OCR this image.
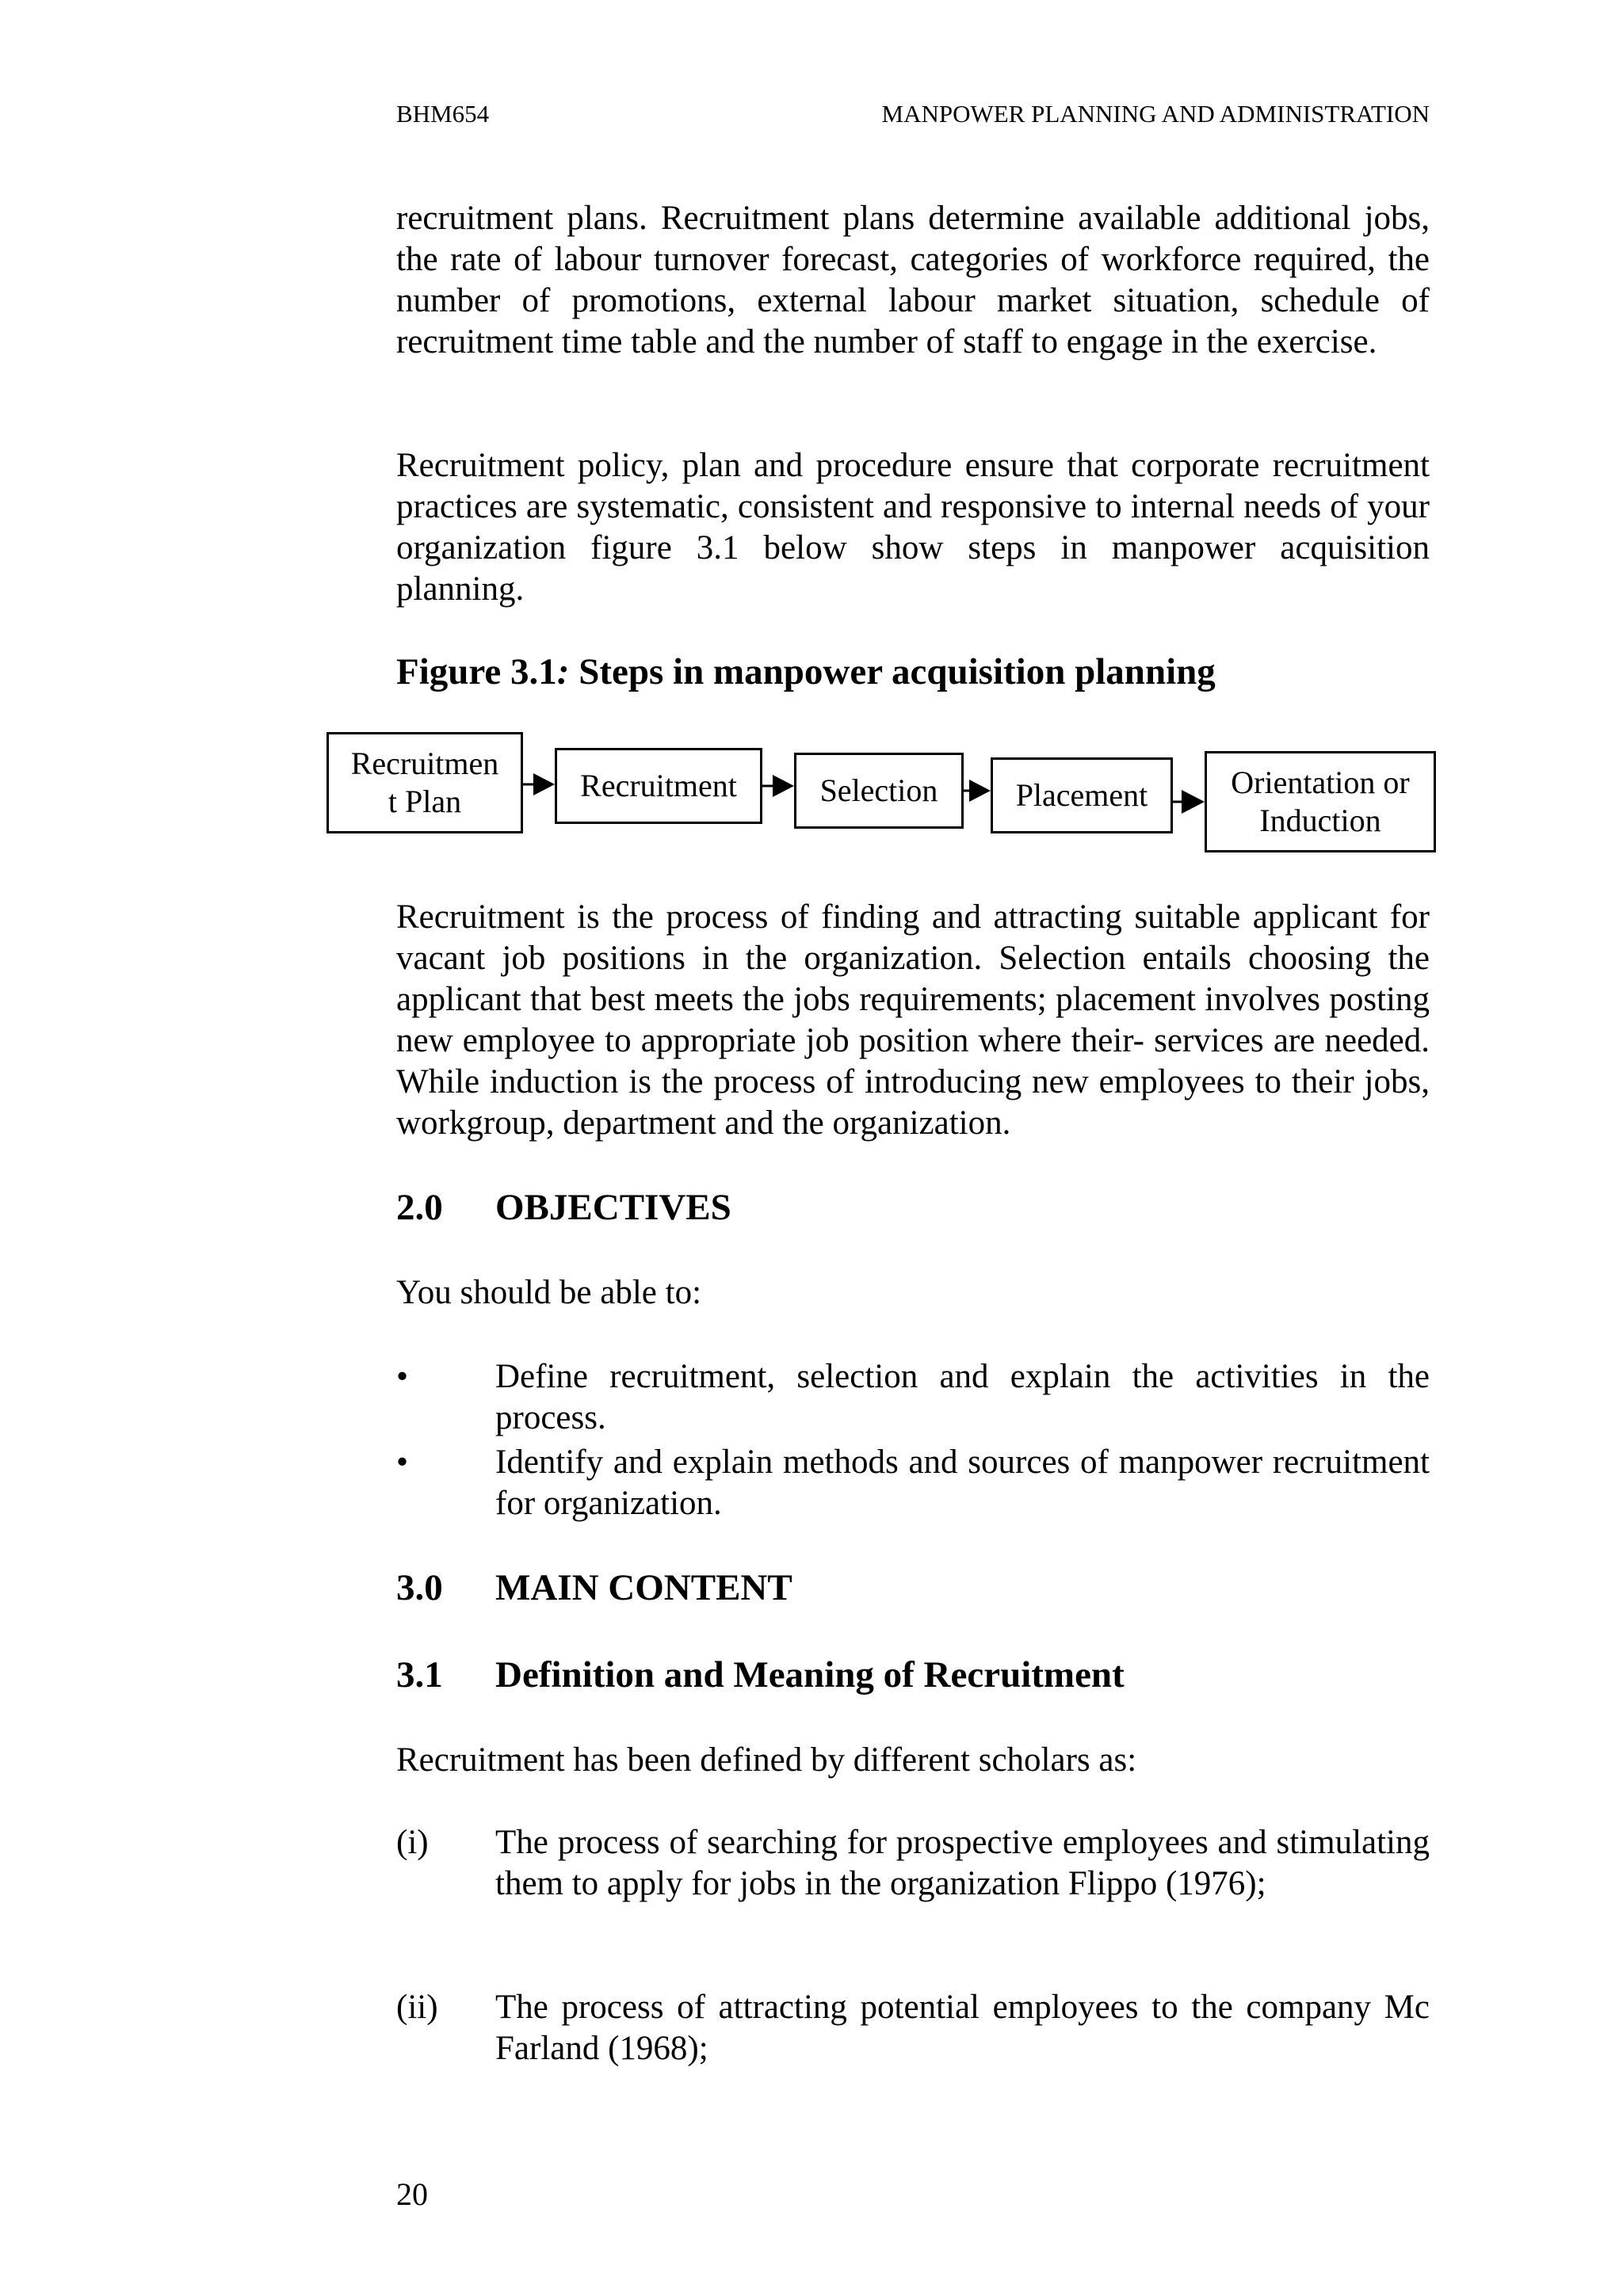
BHM654	MANPOWER PLANNING AND ADMINISTRATION

recruitment plans. Recruitment plans determine available additional jobs, the rate of labour turnover forecast, categories of workforce required, the number of promotions, external labour market situation, schedule of recruitment time table and the number of staff to engage in the exercise.

Recruitment policy, plan and procedure ensure that corporate recruitment practices are systematic, consistent and responsive to internal needs of your organization figure 3.1 below show steps in manpower acquisition planning.

Figure 3.1: Steps in manpower acquisition planning
Recruitmen
t Plan	Recruitment	Selection Placement	Orientation or
Induction

Recruitment is the process of finding and attracting suitable applicant for vacant job positions in the organization. Selection entails choosing the applicant that best meets the jobs requirements; placement involves posting new employee to appropriate job position where their- services are needed. While induction is the process of introducing new employees to their jobs, workgroup, department and the organization.

2.0 OBJECTIVES

You should be able to:

•	Define recruitment, selection and explain the activities in the process.

•	Identify and explain methods and sources of manpower recruitment for organization.

3.0 MAIN CONTENT
3.1 Definition and Meaning of Recruitment

Recruitment has been defined by different scholars as:

(i) The process of searching for prospective employees and stimulating them to apply for jobs in the organization Flippo (1976);

(ii) The process of attracting potential employees to the company Mc Farland (1968);

20
